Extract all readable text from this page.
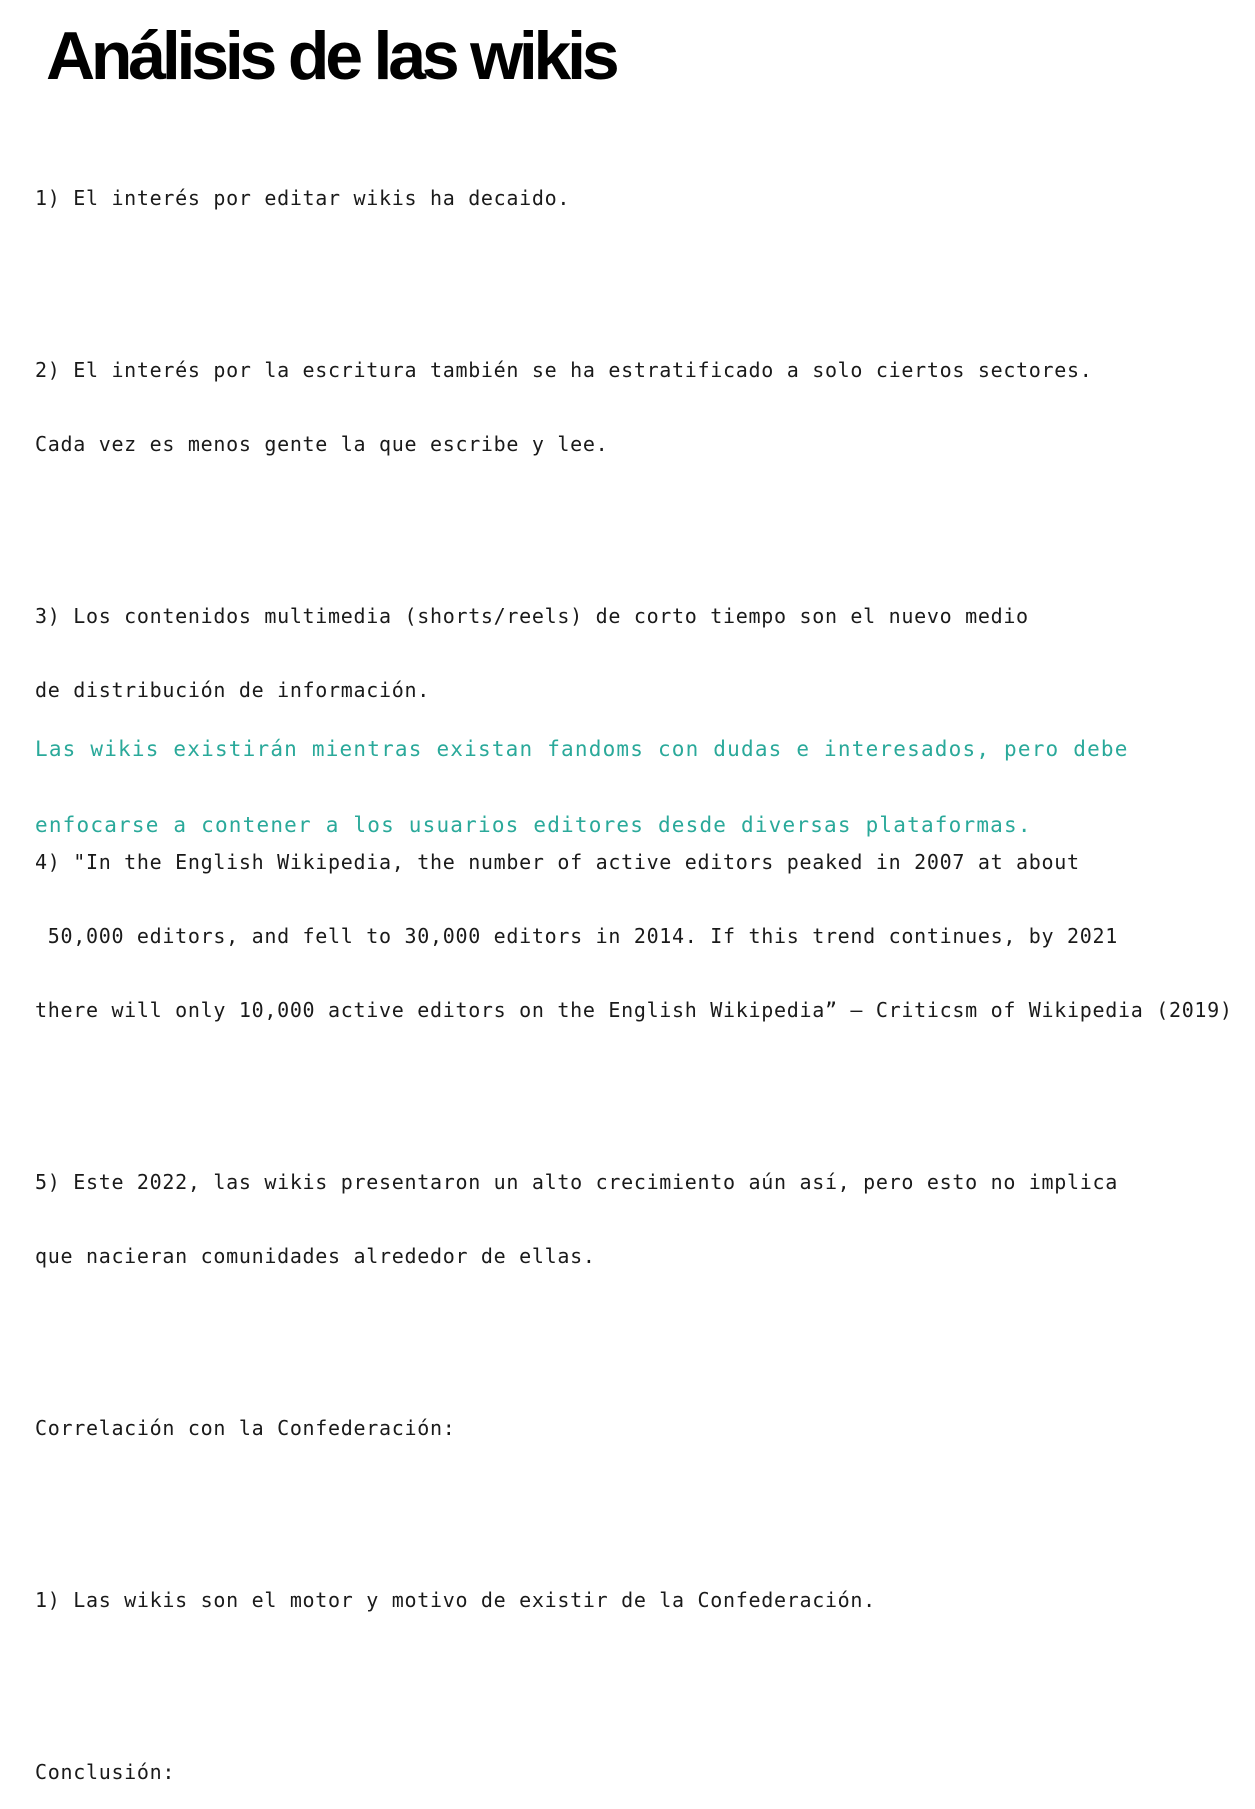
Análisis de las wikis

1) El interés por editar wikis ha decaido.

2) El interés por la escritura también se ha estratificado a solo ciertos sectores.

Cada vez es menos gente la que escribe y lee.

3) Los contenidos multimedia (shorts/reels) de corto tiempo son el nuevo medio

de distribución de información.

4) "In the English Wikipedia, the number of active editors peaked in 2007 at about

50,000 editors, and fell to 30,000 editors in 2014. If this trend continues, by 2021

there will only 10,000 active editors on the English Wikipedia” – Criticsm of Wikipedia (2019)

5) Este 2022, las wikis presentaron un alto crecimiento aún así, pero esto no implica

que nacieran comunidades alrededor de ellas.

Correlación con la Confederación:

1) Las wikis son el motor y motivo de existir de la Confederación.

Conclusión:

Las wikis existirán mientras existan fandoms con dudas e interesados, pero debe

enfocarse a contener a los usuarios editores desde diversas plataformas.
